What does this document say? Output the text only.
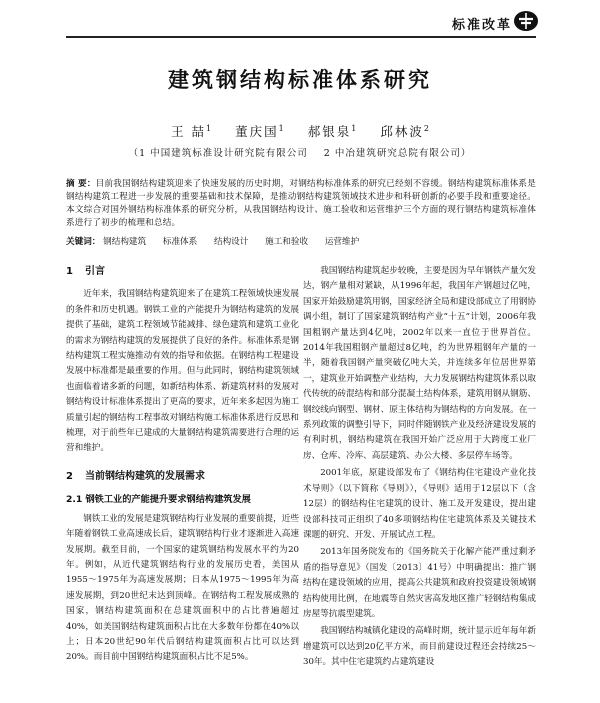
标准改革
建筑钢结构标准体系研究
王 喆$^1$ 董庆国$^1$ 郝银泉$^1$ 邱林波$^2$
（1 中国建筑标准设计研究院有限公司 2 中冶建筑研究总院有限公司）
摘 要：目前我国钢结构建筑迎来了快速发展的历史时期，对钢结构标准体系的研究已经刻不容缓。钢结构建筑标准体系是钢结构建筑工程进一步发展的重要基础和技术保障，是推动钢结构建筑领域技术进步和科研创新的必要手段和重要途径。本文综合对国外钢结构标准体系的研究分析，从我国钢结构设计、施工验收和运营维护三个方面的现行钢结构建筑标准体系进行了初步的梳理和总结。
关键词： 钢结构建筑 标准体系 结构设计 施工和验收 运营维护
1 引言

近年来，我国钢结构建筑迎来了在建筑工程领域快速发展的条件和历史机遇。钢铁工业的产能提升为钢结构建筑的发展提供了基础，建筑工程领域节能减排、绿色建筑和建筑工业化的需求为钢结构建筑的发展提供了良好的条件。标准体系是钢结构建筑工程实施推动有效的指导和依据。在钢结构工程建设发展中标准都是最重要的作用。但与此同时，钢结构建筑领域也面临着诸多新的问题，如新结构体系、新建筑材料的发展对钢结构设计标准体系提出了更高的要求，近年来多起因为施工质量引起的钢结构工程事故对钢结构施工标准体系进行反思和梳理，对于前些年已建成的大量钢结构建筑需要进行合理的运营和维护。

2 当前钢结构建筑的发展需求
2.1 钢铁工业的产能提升要求钢结构建筑发展

钢铁工业的发展是建筑钢结构行业发展的重要前提，近些年随着钢铁工业高速成长后，建筑钢结构行业才逐渐进入高速发展期。截至目前，一个国家的建筑钢结构发展水平约为20年。例如，从近代建筑钢结构行业的发展历史看，美国从1955～1975年为高速发展期；日本从1975～1995年为高速发展期，到20世纪末达到顶峰。在钢结构工程发展成熟的国家，钢结构建筑面积在总建筑面积中的占比普遍超过40%，如美国钢结构建筑面积占比在大多数年份都在40%以上；日本20世纪90年代后钢结构建筑面积占比可以达到20%。而目前中国钢结构建筑面积占比不足5%。

我国钢结构建筑起步较晚，主要是因为早年钢铁产量欠发达，钢产量相对紧缺，从1996年起，我国年产钢超过亿吨，国家开始鼓励建筑用钢，国家经济全局和建设部成立了用钢协调小组，制订了国家建筑钢结构产业“十五”计划，2006年我国粗钢产量达到4亿吨，2002年以来一直位于世界首位。2014年我国粗钢产量超过8亿吨，约为世界粗钢年产量的一半，随着我国钢产量突破亿吨大关，并连续多年位居世界第一，建筑业开始调整产业结构，大力发展钢结构建筑体系以取代传统的砖混结构和部分混凝土结构体系，建筑用钢从钢筋、钢绞线向钢型、钢材、原主体结构为钢结构的方向发展。在一系列政策的调整引导下，同时伴随钢铁产业及经济建设发展的有利时机，钢结构建筑在我国开始广泛应用于大跨度工业厂房、仓库、冷库、高层建筑、办公大楼、多层停车场等。

2001年底，原建设部发布了《钢结构住宅建设产业化技术导则》（以下简称《导则》），《导则》适用于12层以下（含12层）的钢结构住宅建筑的设计、施工及开发建设，提出建设部科技司正组织了40多项钢结构住宅建筑体系及关键技术课题的研究、开发、开展试点工程。

2013年国务院发布的《国务院关于化解产能严重过剩矛盾的指导意见》（国发〔2013〕41号）中明确提出：推广钢结构在建设领域的应用，提高公共建筑和政府投资建设领域钢结构使用比例，在地震等自然灾害高发地区推广轻钢结构集成房屋等抗震型建筑。

我国钢结构城镇化建设的高峰时期，统计显示近年每年新增建筑可以达到20亿平方米，而目前建设过程还会持续25～30年。其中住宅建筑约占建筑建设
